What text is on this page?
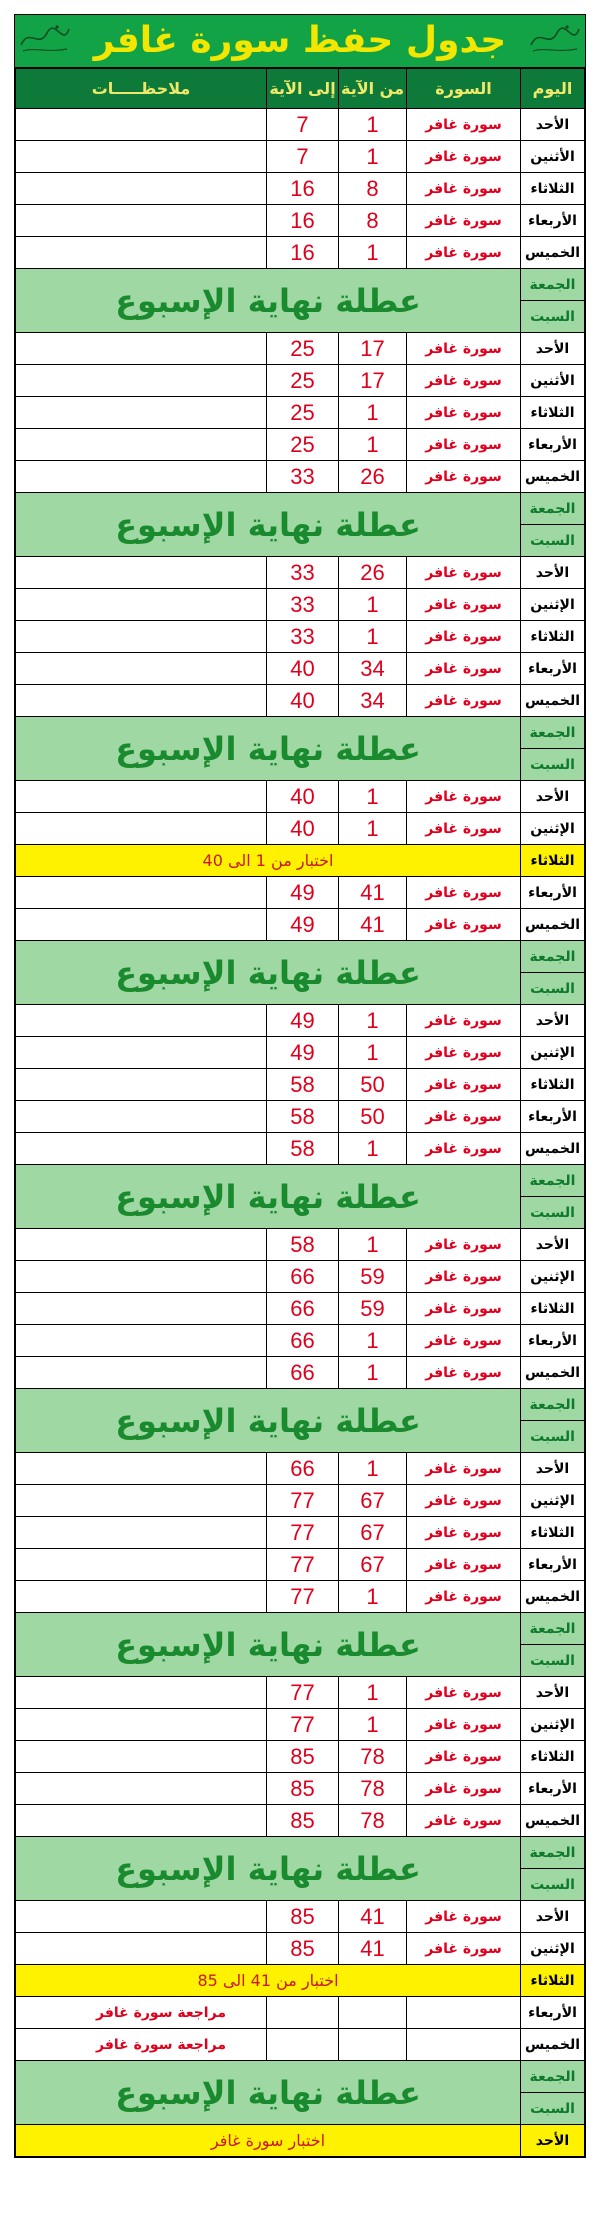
جدول حفظ سورة غافر
اليوم	السورة	من الآية	إلى الآية	ملاحظـــــات
الأحد	سورة غافر	1	7	
الأثنين	سورة غافر	1	7	
الثلاثاء	سورة غافر	8	16	
الأربعاء	سورة غافر	8	16	
الخميس	سورة غافر	1	16	
الجمعة	عطلة نهاية الإسبوع			
السبت				
الأحد	سورة غافر	17	25	
الأثنين	سورة غافر	17	25	
الثلاثاء	سورة غافر	1	25	
الأربعاء	سورة غافر	1	25	
الخميس	سورة غافر	26	33	
الجمعة	عطلة نهاية الإسبوع			
السبت				
الأحد	سورة غافر	26	33	
الإثنين	سورة غافر	1	33	
الثلاثاء	سورة غافر	1	33	
الأربعاء	سورة غافر	34	40	
الخميس	سورة غافر	34	40	
الجمعة	عطلة نهاية الإسبوع			
السبت				
الأحد	سورة غافر	1	40	
الإثنين	سورة غافر	1	40	
الثلاثاء	اختبار من 1 الى 40			
الأربعاء	سورة غافر	41	49	
الخميس	سورة غافر	41	49	
الجمعة	عطلة نهاية الإسبوع			
السبت				
الأحد	سورة غافر	1	49	
الإثنين	سورة غافر	1	49	
الثلاثاء	سورة غافر	50	58	
الأربعاء	سورة غافر	50	58	
الخميس	سورة غافر	1	58	
الجمعة	عطلة نهاية الإسبوع			
السبت				
الأحد	سورة غافر	1	58	
الإثنين	سورة غافر	59	66	
الثلاثاء	سورة غافر	59	66	
الأربعاء	سورة غافر	1	66	
الخميس	سورة غافر	1	66	
الجمعة	عطلة نهاية الإسبوع			
السبت				
الأحد	سورة غافر	1	66	
الإثنين	سورة غافر	67	77	
الثلاثاء	سورة غافر	67	77	
الأربعاء	سورة غافر	67	77	
الخميس	سورة غافر	1	77	
الجمعة	عطلة نهاية الإسبوع			
السبت				
الأحد	سورة غافر	1	77	
الإثنين	سورة غافر	1	77	
الثلاثاء	سورة غافر	78	85	
الأربعاء	سورة غافر	78	85	
الخميس	سورة غافر	78	85	
الجمعة	عطلة نهاية الإسبوع			
السبت				
الأحد	سورة غافر	41	85	
الإثنين	سورة غافر	41	85	
الثلاثاء	اختبار من 41 الى 85			
الأربعاء				مراجعة سورة غافر
الخميس				مراجعة سورة غافر
الجمعة	عطلة نهاية الإسبوع			
السبت				
الأحد	اختبار سورة غافر			
